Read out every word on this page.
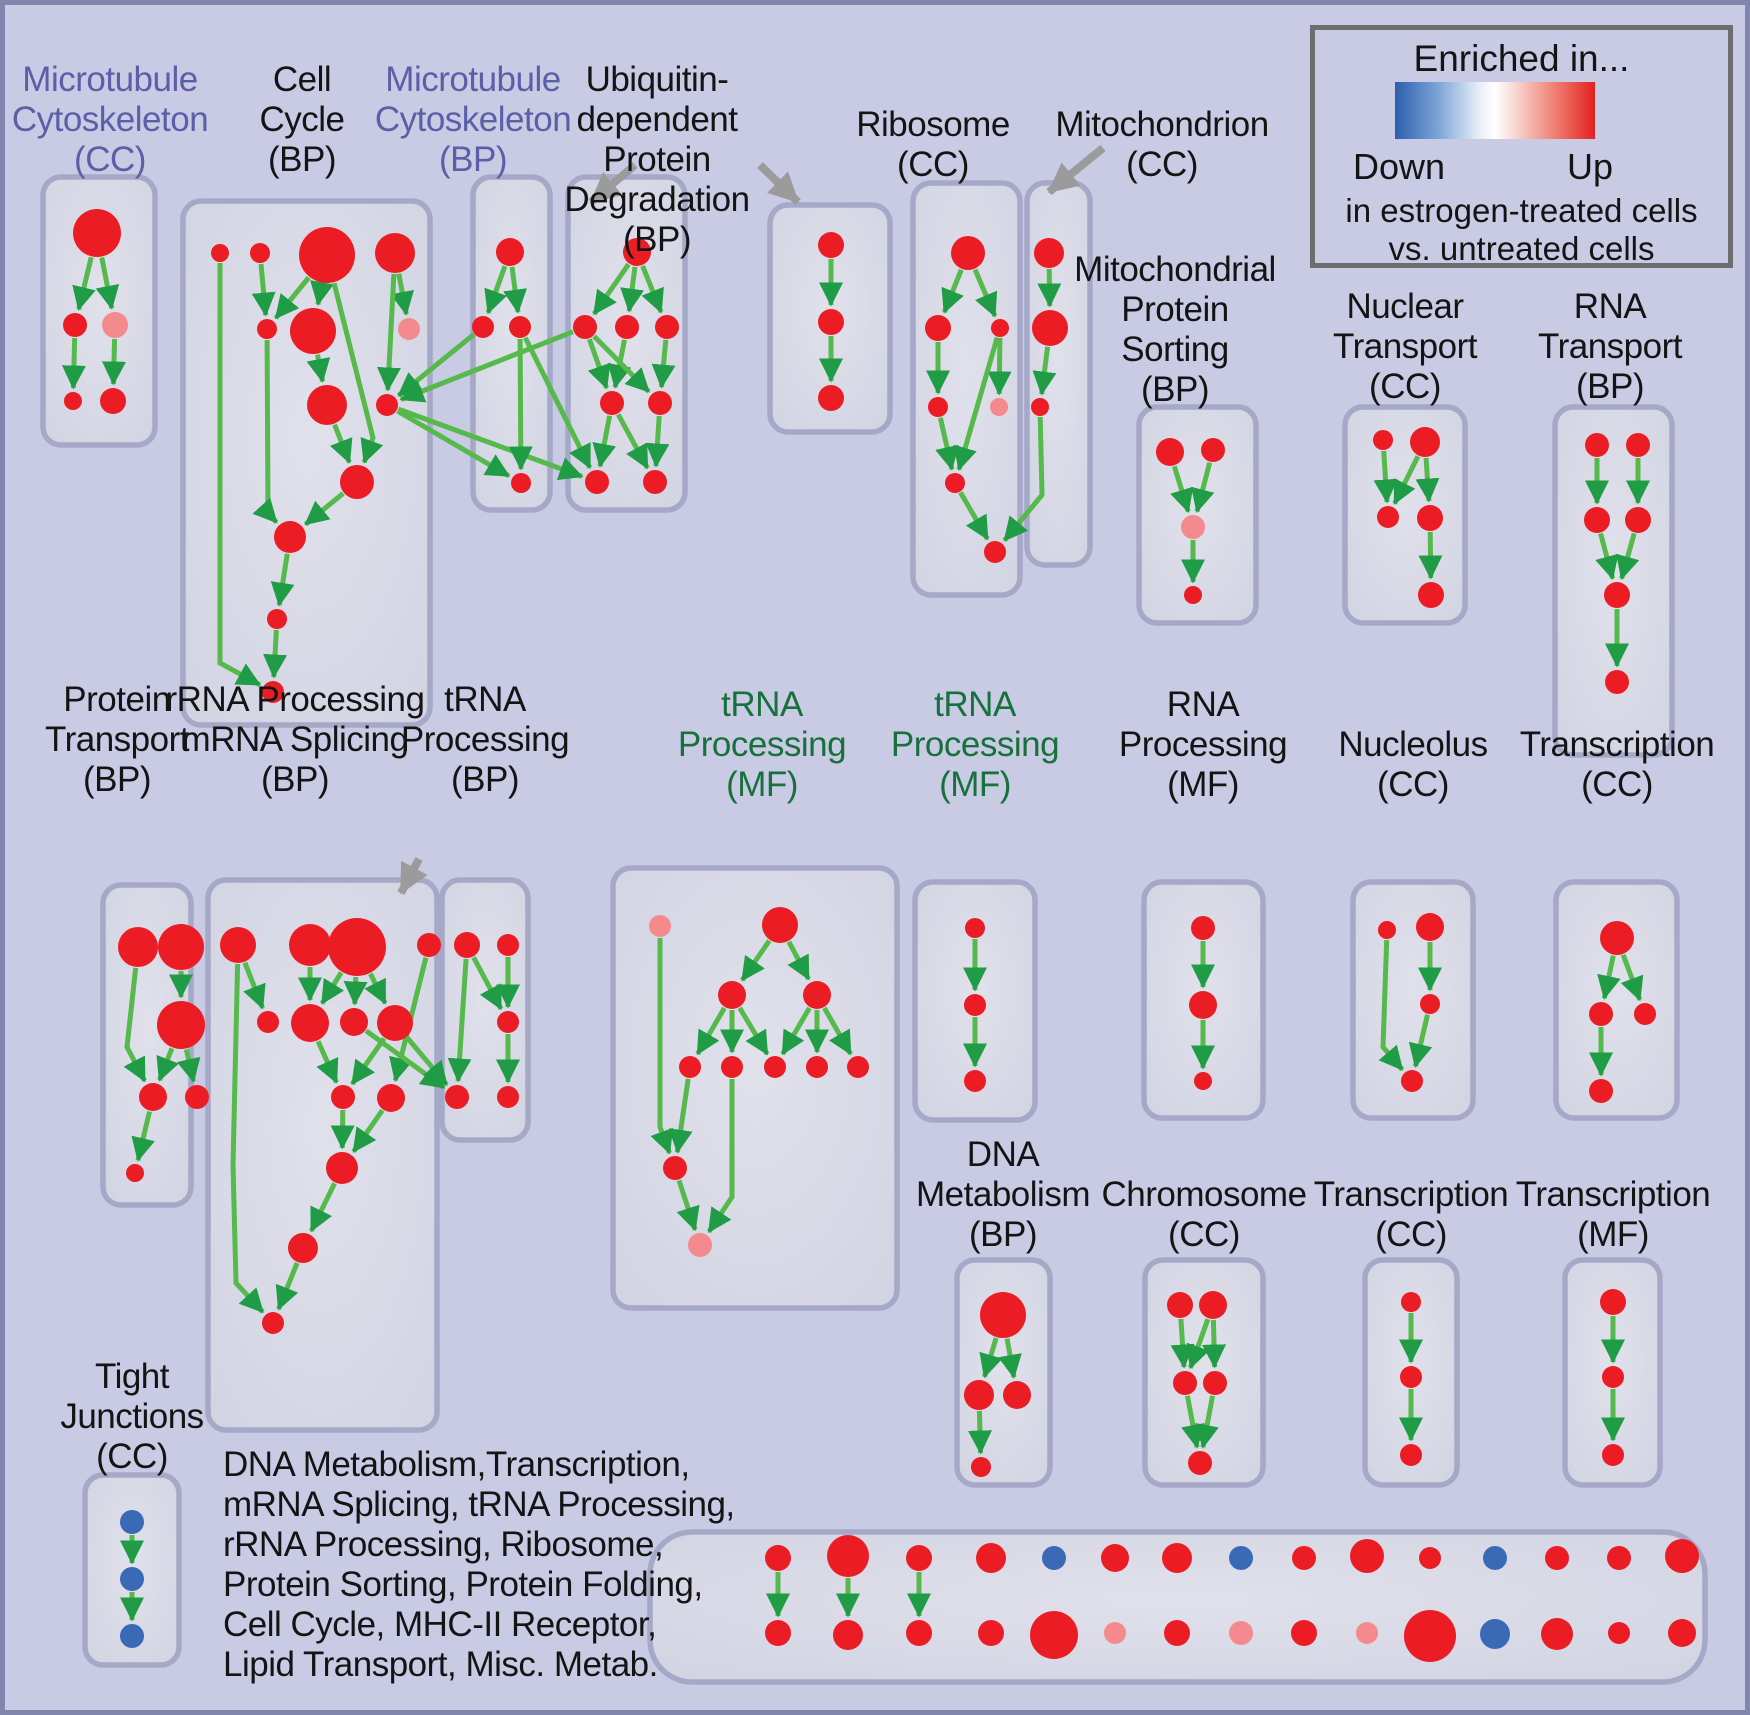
Microtubule
Cytoskeleton
(CC)
Cell
Cycle
(BP)
Microtubule
Cytoskeleton
(BP)
Ubiquitin-
dependent
Protein
Degradation
(BP)
Ribosome
(CC)
Mitochondrion
(CC)
Mitochondrial
Protein
Sorting
(BP)
Nuclear
Transport
(CC)
RNA
Transport
(BP)
Protein
Transport
(BP)
rRNA Processing
mRNA Splicing
(BP)
tRNA
Processing
(BP)
tRNA
Processing
(MF)
tRNA
Processing
(MF)
RNA
Processing
(MF)
Nucleolus
(CC)
Transcription
(CC)
DNA
Metabolism
(BP)
Chromosome
(CC)
Transcription
(CC)
Transcription
(MF)
Tight
Junctions
(CC)
Enriched in...
Down	Up
in estrogen-treated cells
vs. untreated cells
DNA Metabolism,Transcription,
mRNA Splicing, tRNA Processing,
rRNA Processing, Ribosome,
Protein Sorting, Protein Folding,
Cell Cycle, MHC-II Receptor,
Lipid Transport, Misc. Metab.
